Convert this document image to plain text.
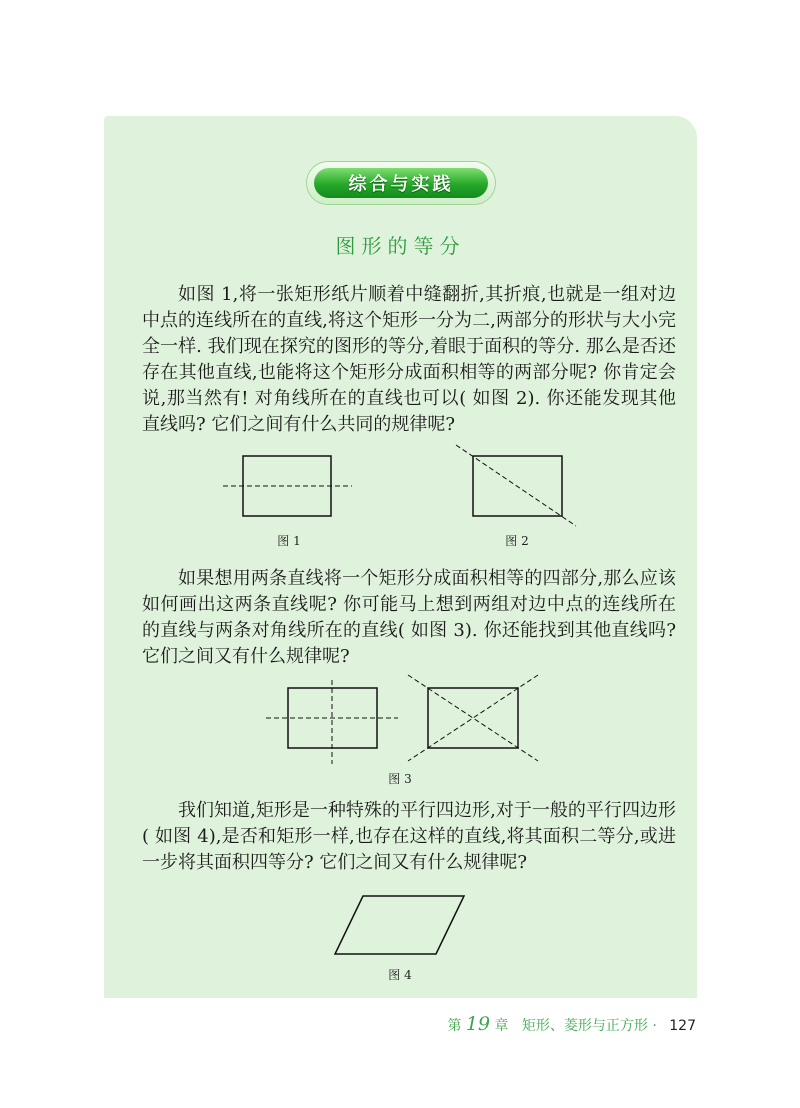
综合与实践
图形的等分

如图 1,将一张矩形纸片顺着中缝翻折,其折痕,也就是一组对边中点的连线所在的直线,将这个矩形一分为二,两部分的形状与大小完全一样. 我们现在探究的图形的等分,着眼于面积的等分. 那么是否还存在其他直线,也能将这个矩形分成面积相等的两部分呢? 你肯定会说,那当然有! 对角线所在的直线也可以( 如图 2). 你还能发现其他直线吗? 它们之间有什么共同的规律呢?

图 1	图 2

如果想用两条直线将一个矩形分成面积相等的四部分,那么应该如何画出这两条直线呢? 你可能马上想到两组对边中点的连线所在的直线与两条对角线所在的直线( 如图 3). 你还能找到其他直线吗? 它们之间又有什么规律呢?

图 3

我们知道,矩形是一种特殊的平行四边形,对于一般的平行四边形( 如图 4),是否和矩形一样,也存在这样的直线,将其面积二等分,或进一步将其面积四等分? 它们之间又有什么规律呢?

图 4
第 19 章 矩形、菱形与正方形 · 127
